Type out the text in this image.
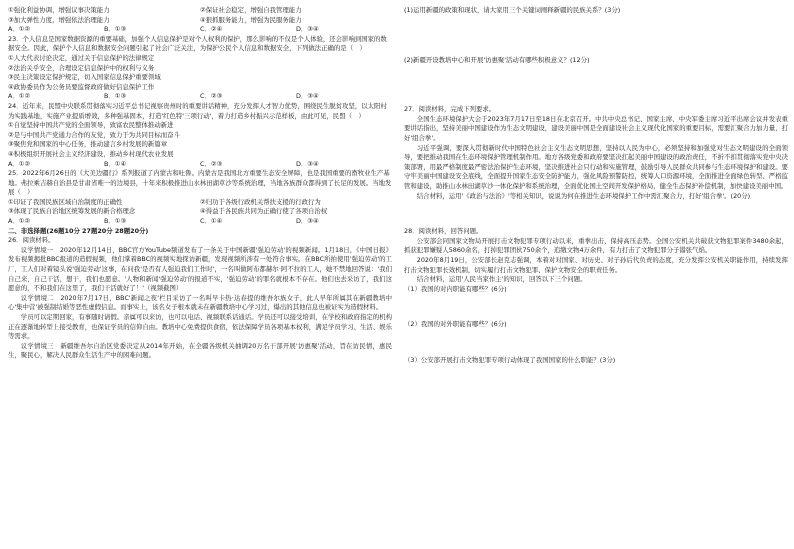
①强化利益协调，增强议事决策能力	②保证社会稳定，增强自我管理能力
③加大弹性力度，增强依法治理能力	④狠抓服务能力，增强为民服务能力
A．①②	B．①③	C．②④	D．③④

23．个人信息是国家数据资源的重要基础，加强个人信息保护是对个人权利的保护，那么影响的不仅是个人体验，还会影响到国家的数据安全。因此，保护个人信息和数据安全问题引起了社会广泛关注，为保护公民个人信息和数据安全，下列做法正确的是（　）

①人大代表讨论决定，通过关于信息保护的法律规定

②法治关乎安全，合理设定信息保护中的权利与义务

③民主决策设定保护规定，切入国家信息保护重要领域

④政协委员作为公务员要监督政府做好信息保护工作

A．①②	B．①③	C．②③	D．③④

24．近年来，民盟中央联系贯彻落实习近平总书记视察贵州时的重要讲话精神，充分发挥人才智力优势，围绕民生脱贫攻坚，以太阳村为实践基地，实施产业提质增效，多种强基固本，打造'红色特'三项行动'，着力打造乡村振兴示范样板，由此可见，民盟（　）

①自觉坚持中国共产党的全面领导，致富农民整体推动新进

②是与中国共产党通力合作的友党，致力于为共同目标而奋斗

③聚焦党和国家的中心任务，推动建言乡村发展的新篇章

④积极组织开展社会主义经济建设，推动乡村现代农业发展

A．①②	B．①④	C．②③	D．③④

25．2022年6月26日的《大美边疆行》系列报道了内蒙古和吐鲁。内蒙古是我国北方重要生态安全屏障，也是我国重要的畜牧业生产基地。弗拉乘吉赫自治县是甘肃省唯一的边境县，十年来积极推进山水林田湖草沙等系统治理，当地各族群众都得到了长足的发展。当地发展（　）

①印证了我国民族区域自治制度的正确性	②归功于各级行政机关帮扶支援的行政行为
③体现了民族自治地区统筹发展的新合格理念	④得益于各民族共同为正确行使了各项自治权
A．①②	B．①③	C．①④	D．③④

二、非选择题(26题10分 27题20分 28题20分)

26．阅读材料。

议学情境一　2020年12月14日，BBC官方YouTube频道发布了一条关于中国新疆'强迫劳动'的视频新闻。1月18日，《中国日报》发布视频揭批BBC报道的造假视频，他们掌着BBC的视频实地探访新疆，发现视频所涉有一处符合事实。在BBC所拍使用'强迫劳动'的工厂，工人们对着镜头说'强迫劳动'这事，在问我'是否有人强迫我们工作时'，一名叫做阿布都赫尔·阿不拉的工人，她不禁地回答说：'我们自己来，自己干活，想干，我们也愿意。'人物和新闻'强迫劳动'的报道不实，'强迫劳动'的罪名就根本不存在。他们也去采访了，我们这愿意的，不和我们在这里了，我们干活就好了！'（视频截图）

议学情境二　2020年7月17日，BBC'新闻之夜'栏目采访了一名叫早卡热·达春提的维吾尔族女子，此人早年所属其在新疆教培中心'集中营'被强制结婚等恶性虚假信息。而事实上，该名女子根本就未在新疆教培中心学习过，爆出的其他信息也被证实为造假材料。

学员可以定期回家，有事随时请假。亲属可以来访，也可以电话、视频联系话通话。学员还可以接受培训，在学校和政府指定的机构正在逐渐地转型上接受教育，也保证学员的信仰自由。教培中心免费提供食宿，依法保障学员各项基本权利，满足学员学习、生活、娱乐等需求。

议学情境三　新疆维吾尔自治区党委决定从2014年开始，在全疆各级机关抽调20万名干部开展'访惠聚'活动，旨在访民情，惠民生，聚民心，解决人民群众生活生产中的困难问题。

(1)运用新疆的政策和现状，请大家用三个关键词阐释新疆的民族关系？(3分)

(2)新疆开设教培中心和开展'访惠聚'活动有哪些积极意义？(12分)

27．阅读材料，完成下列要求。

全国生态环境保护大会于2023年7月17日至18日在北京召开。中共中央总书记、国家主席、中央军委主席习近平出席会议并发表重要讲话指出，坚持美丽中国建设作为生态文明建设，建设美丽中国是全面建设社会主义现代化国家的重要目标，需要汇聚合力加力量，打好'组合拳'。

习近平强调，要深入贯彻新时代中国特色社会主义生态文明思想，坚持以人民为中心，必须坚持和加强党对生态文明建设的全面领导，要把推动我国在生态环境保护管理机制作用。地方各级党委和政府要坚决扛起美丽中国建设的政治责任，不折不扣贯彻落实党中央决策部署，用最严格制度最严密法治保护生态环境，坚决推进社会只行动和实施管理，鼓励引导人民群众共同参与生态环境保护和建设。要守牢美丽中国建设安全底线，全面提升国家生态安全防护能力，强化风险预警防控，统筹人口资源环境，全面推进全面绿色转型、严格监管和建设，助推山水林田湖草沙一体化保护和系统治理，全面优化国土空间开发保护格局，健全生态保护补偿机制，加快建设美丽中国。

结合材料，运用'《政治与法治》'等相关知识，说说为何在推进生态环境保护工作中需汇聚合力，打好'组合拳'。(20分)

28．阅读材料，回答问题。

公安部会同国家文物局开展打击文物犯罪专项行动以来，重拳出击、保持高压态势。全国公安机关共破获文物犯罪案件3480余起，抓获犯罪嫌疑人5860余名，打掉犯罪团伙750余个，追缴文物4万余件，有力打击了文物犯罪分子嚣张气焰。

2020年8月19日，公安部长赵克志强调，本着对对国家、对历史、对子孙后代负责的态度，充分发挥公安机关职能作用，持续发挥打击文物犯罪长效机制，切实履行打击文物犯罪、保护文物安全的职责任务。

结合材料，运用'人民当家作主'的知识，回答以下三个问题。

（1）我国的对内职能有哪些？(6分)

（2）我国的对外职能有哪些？(6分)

（3）公安部开展打击文物犯罪专项行动体现了我国国家的什么职能？(3分)
